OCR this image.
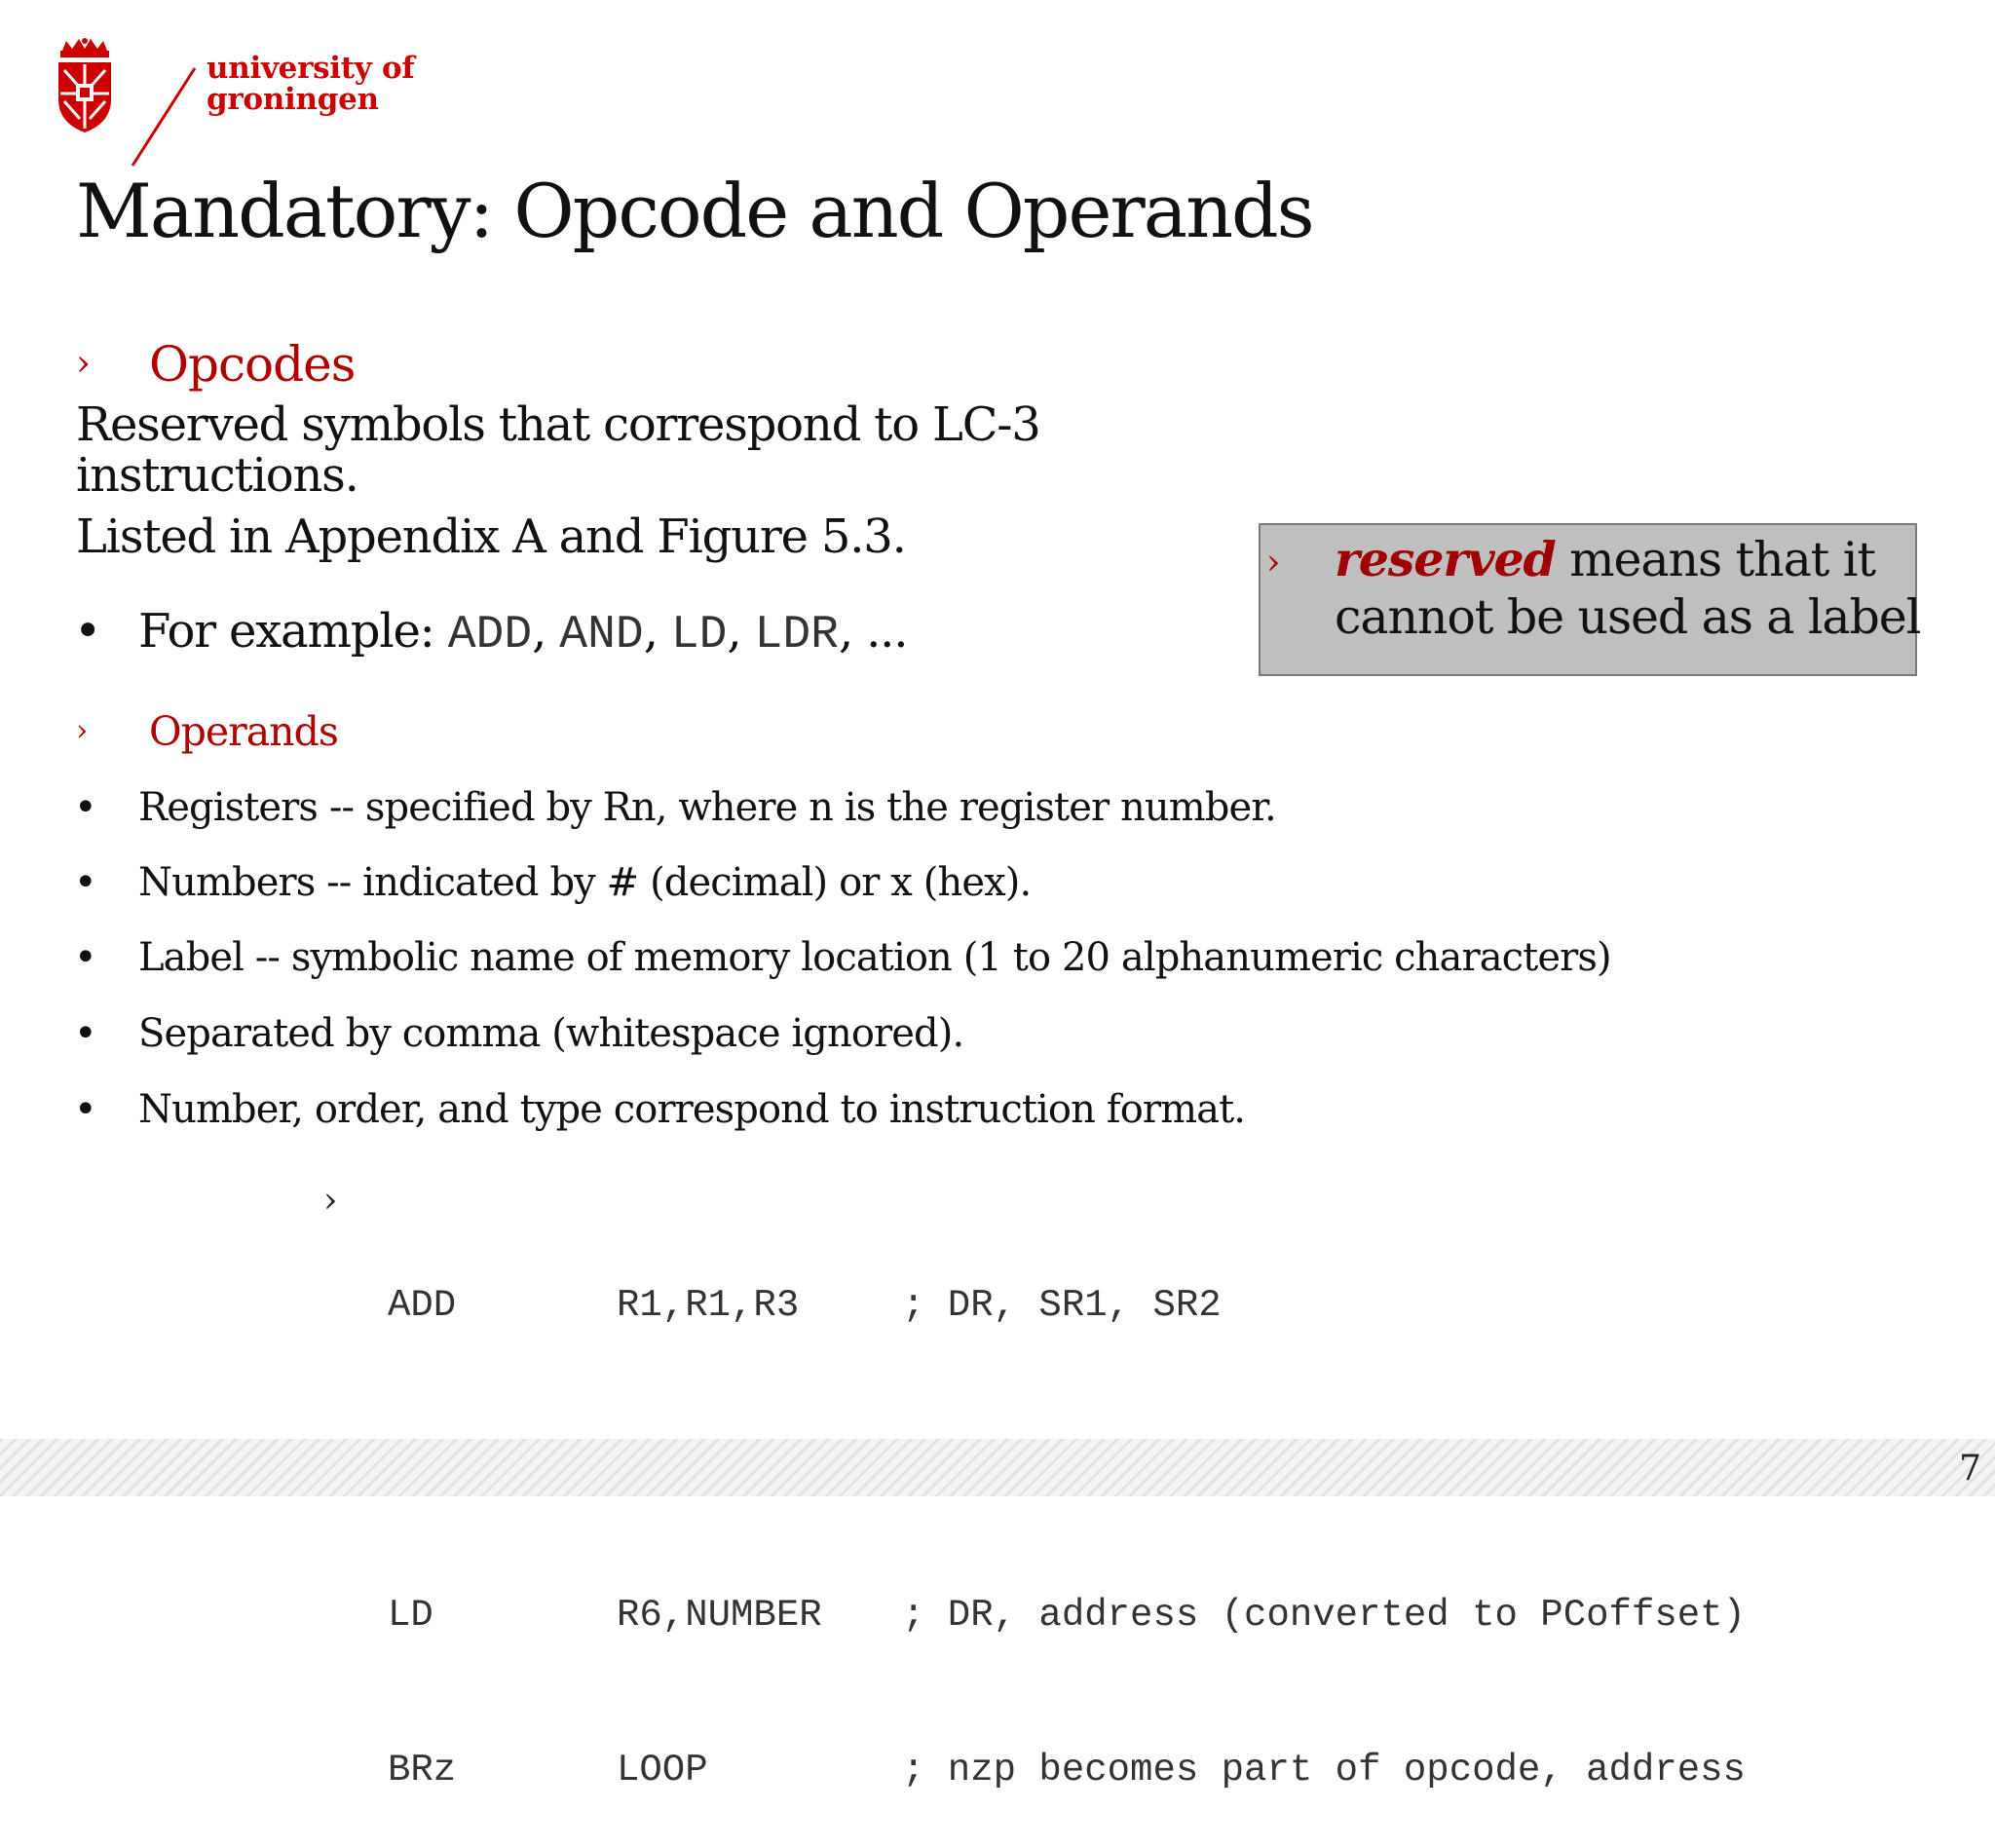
university of
groningen
Mandatory: Opcode and Operands
› Opcodes
Reserved symbols that correspond to LC-3
instructions.
Listed in Appendix A and Figure 5.3.
• For example: ADD, AND, LD, LDR, ...
› reserved means that it
cannot be used as a label
› Operands
• Registers -- specified by Rn, where n is the register number.
• Numbers -- indicated by # (decimal) or x (hex).
• Label -- symbolic name of memory location (1 to 20 alphanumeric characters)
• Separated by comma (whitespace ignored).
• Number, order, and type correspond to instruction format.
›

ADD	R1,R1,R3	; DR, SR1, SR2

LD	R6,NUMBER ; DR, address (converted to PCoffset)

BRz	LOOP	; nzp becomes part of opcode, address

7
